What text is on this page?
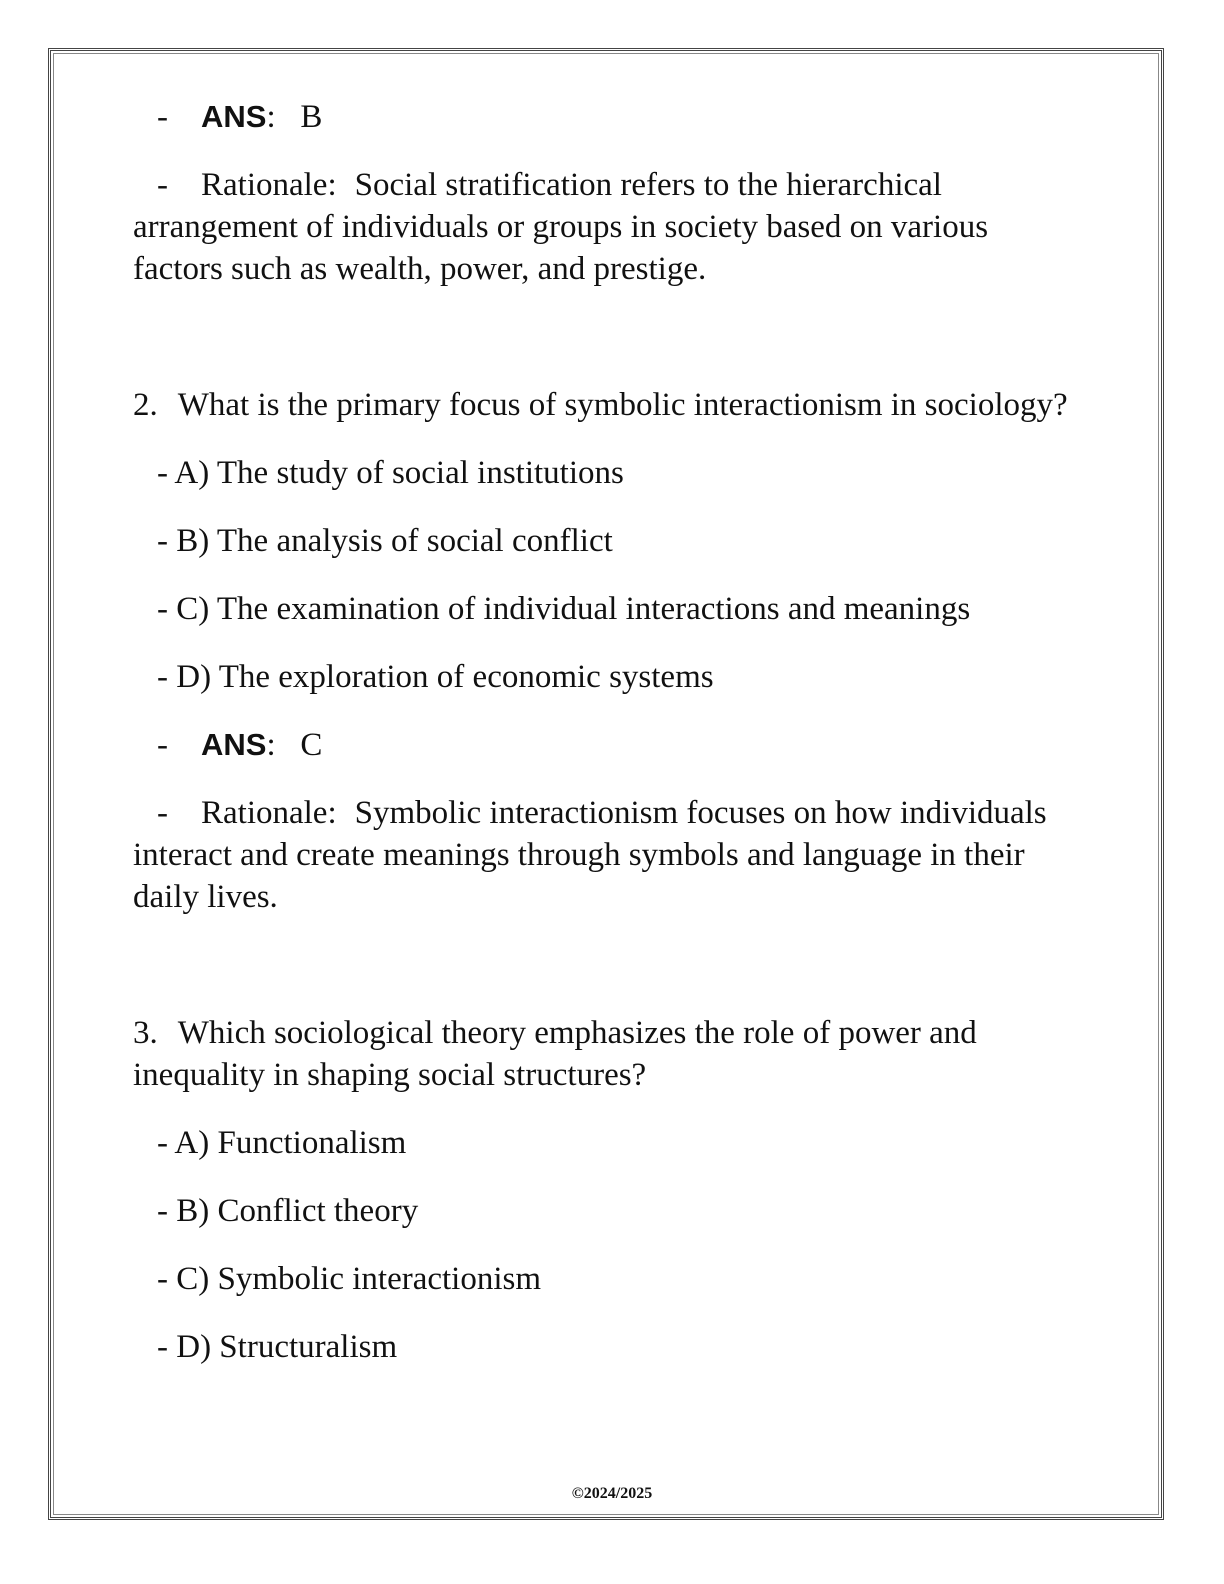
- ANS: B

- Rationale: Social stratification refers to the hierarchical arrangement of individuals or groups in society based on various factors such as wealth, power, and prestige.

2. What is the primary focus of symbolic interactionism in sociology?

- A) The study of social institutions

- B) The analysis of social conflict

- C) The examination of individual interactions and meanings

- D) The exploration of economic systems

- ANS: C

- Rationale: Symbolic interactionism focuses on how individuals interact and create meanings through symbols and language in their daily lives.

3. Which sociological theory emphasizes the role of power and inequality in shaping social structures?

- A) Functionalism

- B) Conflict theory

- C) Symbolic interactionism

- D) Structuralism

©2024/2025
